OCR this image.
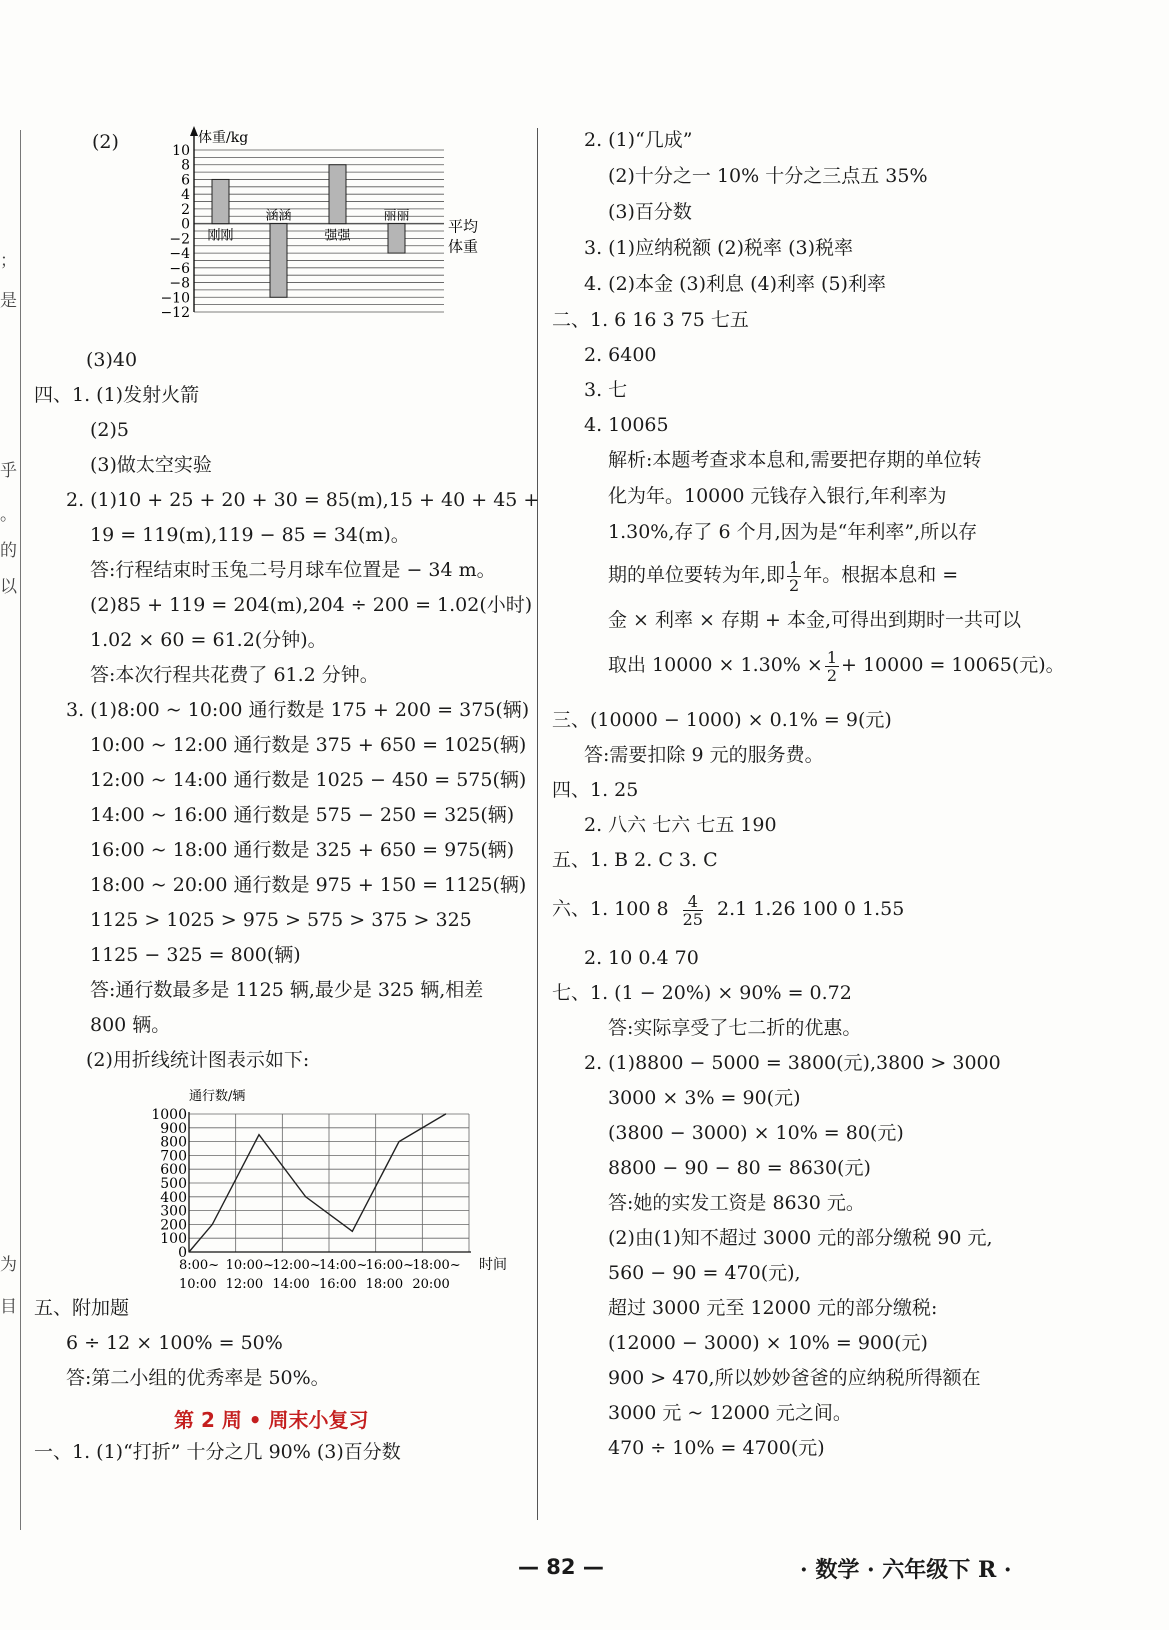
；
是
乎
。
的
以
为
目
(2)	体重/kg
10
8
6
4
2
0
−2
−4
−6
−8
−10
−12
刚刚
涵涵
强强
丽丽
平均
体重
(3)40
四、1. (1)发射火箭
(2)5
(3)做太空实验
2. (1)10 + 25 + 20 + 30 = 85(m),15 + 40 + 45 +
19 = 119(m),119 − 85 = 34(m)。
答:行程结束时玉兔二号月球车位置是 − 34 m。
(2)85 + 119 = 204(m),204 ÷ 200 = 1.02(小时)
1.02 × 60 = 61.2(分钟)。
答:本次行程共花费了 61.2 分钟。
3. (1)8:00 ~ 10:00 通行数是 175 + 200 = 375(辆)
10:00 ~ 12:00 通行数是 375 + 650 = 1025(辆)
12:00 ~ 14:00 通行数是 1025 − 450 = 575(辆)
14:00 ~ 16:00 通行数是 575 − 250 = 325(辆)
16:00 ~ 18:00 通行数是 325 + 650 = 975(辆)
18:00 ~ 20:00 通行数是 975 + 150 = 1125(辆)
1125 > 1025 > 975 > 575 > 375 > 325
1125 − 325 = 800(辆)
答:通行数最多是 1125 辆,最少是 325 辆,相差
800 辆。
(2)用折线统计图表示如下:
通行数/辆
1000
900
800
700
600
500
400
300
200
100
0
8:00~ 10:00~
12:00~
14:00~
16:00~
18:00~
10:00 12:00 14:00 16:00 18:00 20:00
时间
五、附加题
6 ÷ 12 × 100% = 50%
答:第二小组的优秀率是 50%。
第 2 周 • 周末小复习
一、1. (1)“打折” 十分之几 90% (3)百分数
2. (1)“几成”
(2)十分之一 10% 十分之三点五 35%
(3)百分数
3. (1)应纳税额 (2)税率 (3)税率
4. (2)本金 (3)利息 (4)利率 (5)利率
二、1. 6 16 3 75 七五
2. 6400
3. 七
4. 10065
解析:本题考查求本息和,需要把存期的单位转
化为年。10000 元钱存入银行,年利率为
1.30%,存了 6 个月,因为是“年利率”,所以存
期的单位要转为年,即 $\frac{1}{2}$ 年。根据本息和 =
金 × 利率 × 存期 + 本金,可得出到期时一共可以
取出 $10000 \times 1.30\% \times \frac{1}{2} + 10000 = 10065$(元)。
三、(10000 − 1000) × 0.1% = 9(元)
答:需要扣除 9 元的服务费。
四、1. 25
2. 八六 七六 七五 190
五、1. B 2. C 3. C
六、1. 100 $8 \frac{4}{25} 2.1$ 1.26 100 0 1.55
2. 10 0.4 70
七、1. (1 − 20%) × 90% = 0.72
答:实际享受了七二折的优惠。
2. (1)8800 − 5000 = 3800(元),3800 > 3000
3000 × 3% = 90(元)
(3800 − 3000) × 10% = 80(元)
8800 − 90 − 80 = 8630(元)
答:她的实发工资是 8630 元。
(2)由(1)知不超过 3000 元的部分缴税 90 元,
560 − 90 = 470(元),
超过 3000 元至 12000 元的部分缴税:
(12000 − 3000) × 10% = 900(元)
900 > 470,所以妙妙爸爸的应纳税所得额在
3000 元 ~ 12000 元之间。
470 ÷ 10% = 4700(元)
— 82 —	· 数学 · 六年级下 R ·
